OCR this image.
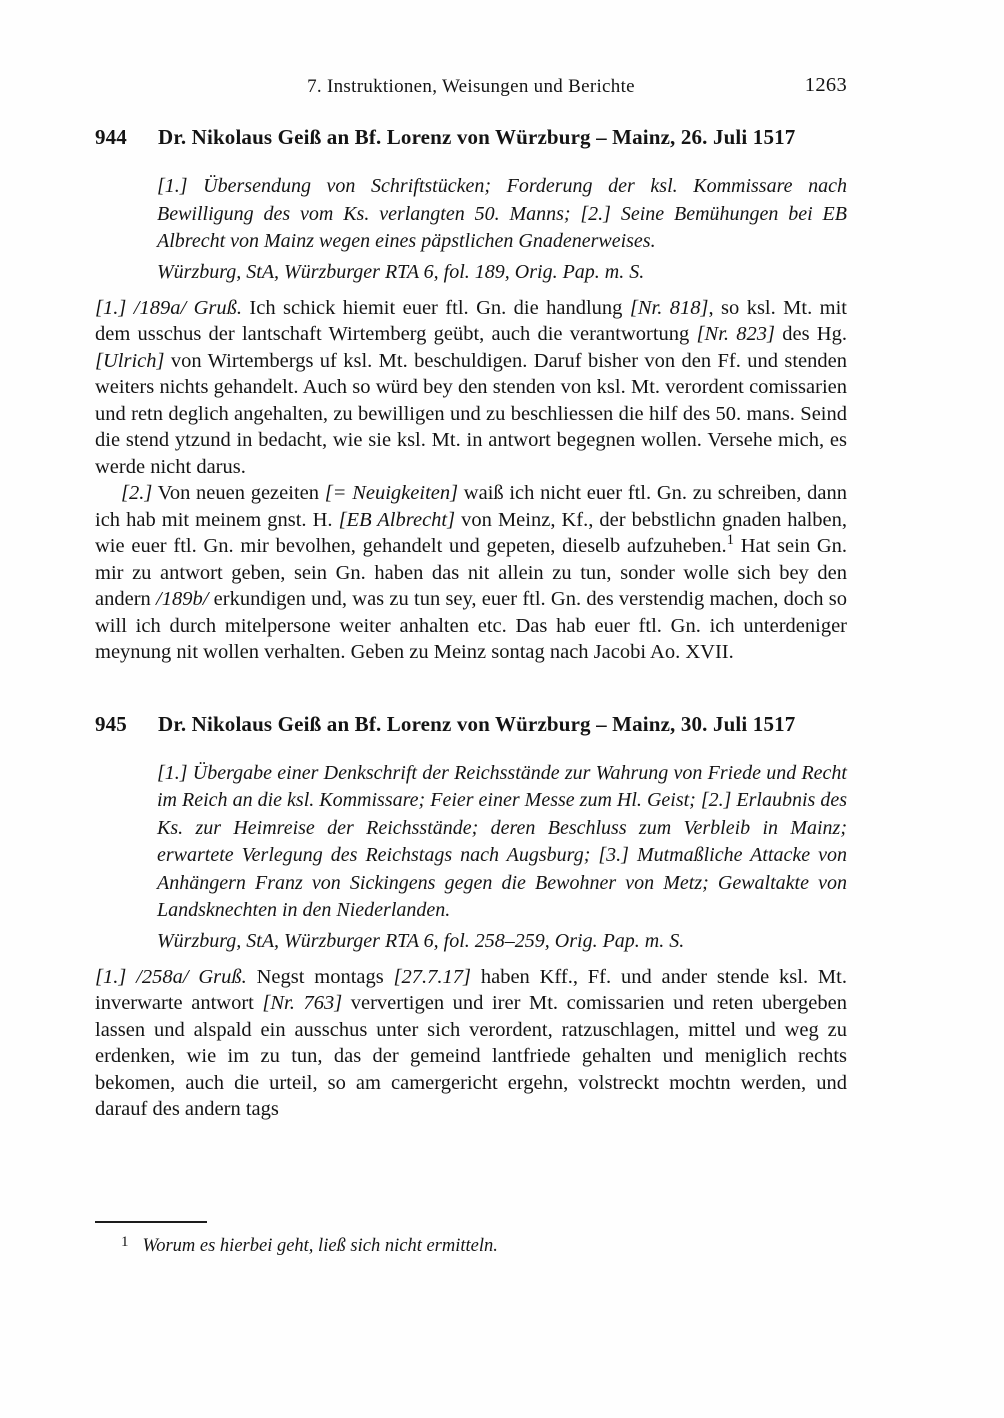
7. Instruktionen, Weisungen und Berichte	1263
944	Dr. Nikolaus Geiß an Bf. Lorenz von Würzburg – Mainz, 26. Juli 1517
[1.] Übersendung von Schriftstücken; Forderung der ksl. Kommissare nach Bewilligung des vom Ks. verlangten 50. Manns; [2.] Seine Bemühungen bei EB Albrecht von Mainz wegen eines päpstlichen Gnadenerweises.
Würzburg, StA, Würzburger RTA 6, fol. 189, Orig. Pap. m. S.

[1.] /189a/ Gruß. Ich schick hiemit euer ftl. Gn. die handlung [Nr. 818], so ksl. Mt. mit dem usschus der lantschaft Wirtemberg geübt, auch die verantwortung [Nr. 823] des Hg. [Ulrich] von Wirtembergs uf ksl. Mt. beschuldigen. Daruf bisher von den Ff. und stenden weiters nichts gehandelt. Auch so würd bey den stenden von ksl. Mt. verordent comissarien und retn deglich angehalten, zu bewilligen und zu beschliessen die hilf des 50. mans. Seind die stend ytzund in bedacht, wie sie ksl. Mt. in antwort begegnen wollen. Versehe mich, es werde nicht darus.

[2.] Von neuen gezeiten [= Neuigkeiten] waiß ich nicht euer ftl. Gn. zu schreiben, dann ich hab mit meinem gnst. H. [EB Albrecht] von Meinz, Kf., der bebstlichn gnaden halben, wie euer ftl. Gn. mir bevolhen, gehandelt und gepeten, dieselb aufzuheben.$^1$ Hat sein Gn. mir zu antwort geben, sein Gn. haben das nit allein zu tun, sonder wolle sich bey den andern /189b/ erkundigen und, was zu tun sey, euer ftl. Gn. des verstendig machen, doch so will ich durch mitelpersone weiter anhalten etc. Das hab euer ftl. Gn. ich unterdeniger meynung nit wollen verhalten. Geben zu Meinz sontag nach Jacobi Ao. XVII.

945	Dr. Nikolaus Geiß an Bf. Lorenz von Würzburg – Mainz, 30. Juli 1517
[1.] Übergabe einer Denkschrift der Reichsstände zur Wahrung von Friede und Recht im Reich an die ksl. Kommissare; Feier einer Messe zum Hl. Geist; [2.] Erlaubnis des Ks. zur Heimreise der Reichsstände; deren Beschluss zum Verbleib in Mainz; erwartete Verlegung des Reichstags nach Augsburg; [3.] Mutmaßliche Attacke von Anhängern Franz von Sickingens gegen die Bewohner von Metz; Gewaltakte von Landsknechten in den Niederlanden.
Würzburg, StA, Würzburger RTA 6, fol. 258–259, Orig. Pap. m. S.

[1.] /258a/ Gruß. Negst montags [27.7.17] haben Kff., Ff. und ander stende ksl. Mt. inverwarte antwort [Nr. 763] ververtigen und irer Mt. comissarien und reten ubergeben lassen und alspald ein ausschus unter sich verordent, ratzuschlagen, mittel und weg zu erdenken, wie im zu tun, das der gemeind lantfriede gehalten und meniglich rechts bekomen, auch die urteil, so am camergericht ergehn, volstreckt mochtn werden, und darauf des andern tags

1 Worum es hierbei geht, ließ sich nicht ermitteln.
